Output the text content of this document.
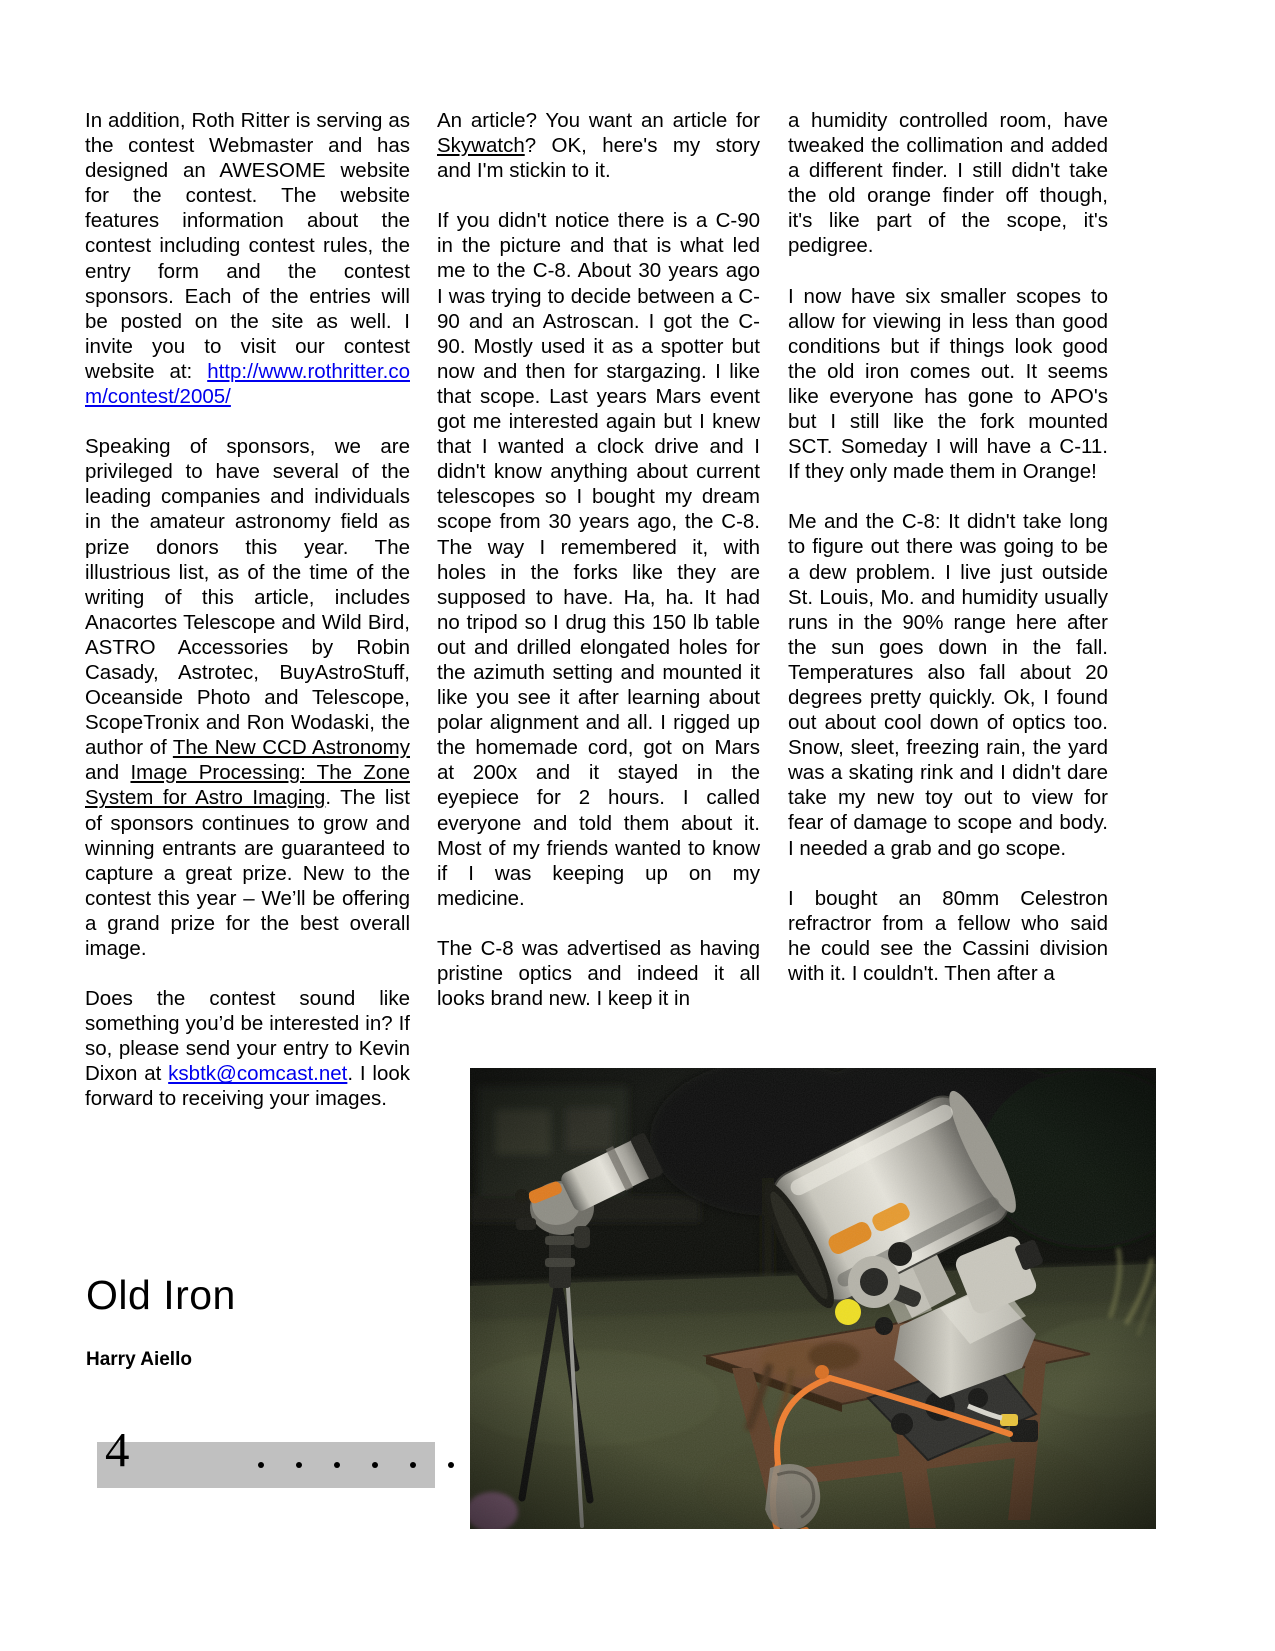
In addition, Roth Ritter is serving as the contest Webmaster and has designed an AWESOME website for the contest. The website features information about the contest including contest rules, the entry form and the contest sponsors. Each of the entries will be posted on the site as well. I invite you to visit our contest website at: http://www.rothritter.com/contest/2005/

Speaking of sponsors, we are privileged to have several of the leading companies and individuals in the amateur astronomy field as prize donors this year. The illustrious list, as of the time of the writing of this article, includes Anacortes Telescope and Wild Bird, ASTRO Accessories by Robin Casady, Astrotec, BuyAstroStuff, Oceanside Photo and Telescope, ScopeTronix and Ron Wodaski, the author of The New CCD Astronomy and Image Processing: The Zone System for Astro Imaging. The list of sponsors continues to grow and winning entrants are guaranteed to capture a great prize. New to the contest this year – We’ll be offering a grand prize for the best overall image.

Does the contest sound like something you’d be interested in? If so, please send your entry to Kevin Dixon at ksbtk@comcast.net. I look forward to receiving your images.

An article? You want an article for Skywatch? OK, here's my story and I'm stickin to it.

If you didn't notice there is a C-90 in the picture and that is what led me to the C-8. About 30 years ago I was trying to decide between a C-90 and an Astroscan. I got the C-90. Mostly used it as a spotter but now and then for stargazing. I like that scope. Last years Mars event got me interested again but I knew that I wanted a clock drive and I didn't know anything about current telescopes so I bought my dream scope from 30 years ago, the C-8. The way I remembered it, with holes in the forks like they are supposed to have. Ha, ha. It had no tripod so I drug this 150 lb table out and drilled elongated holes for the azimuth setting and mounted it like you see it after learning about polar alignment and all. I rigged up the homemade cord, got on Mars at 200x and it stayed in the eyepiece for 2 hours. I called everyone and told them about it. Most of my friends wanted to know if I was keeping up on my medicine.

The C-8 was advertised as having pristine optics and indeed it all looks brand new. I keep it in

a humidity controlled room, have tweaked the collimation and added a different finder. I still didn't take the old orange finder off though, it's like part of the scope, it's pedigree.

I now have six smaller scopes to allow for viewing in less than good conditions but if things look good the old iron comes out. It seems like everyone has gone to APO's but I still like the fork mounted SCT. Someday I will have a C-11. If they only made them in Orange!

Me and the C-8: It didn't take long to figure out there was going to be a dew problem. I live just outside St. Louis, Mo. and humidity usually runs in the 90% range here after the sun goes down in the fall. Temperatures also fall about 20 degrees pretty quickly. Ok, I found out about cool down of optics too. Snow, sleet, freezing rain, the yard was a skating rink and I didn't dare take my new toy out to view for fear of damage to scope and body. I needed a grab and go scope.

I bought an 80mm Celestron refractror from a fellow who said he could see the Cassini division with it. I couldn't. Then after a

Old Iron
Harry Aiello
4
